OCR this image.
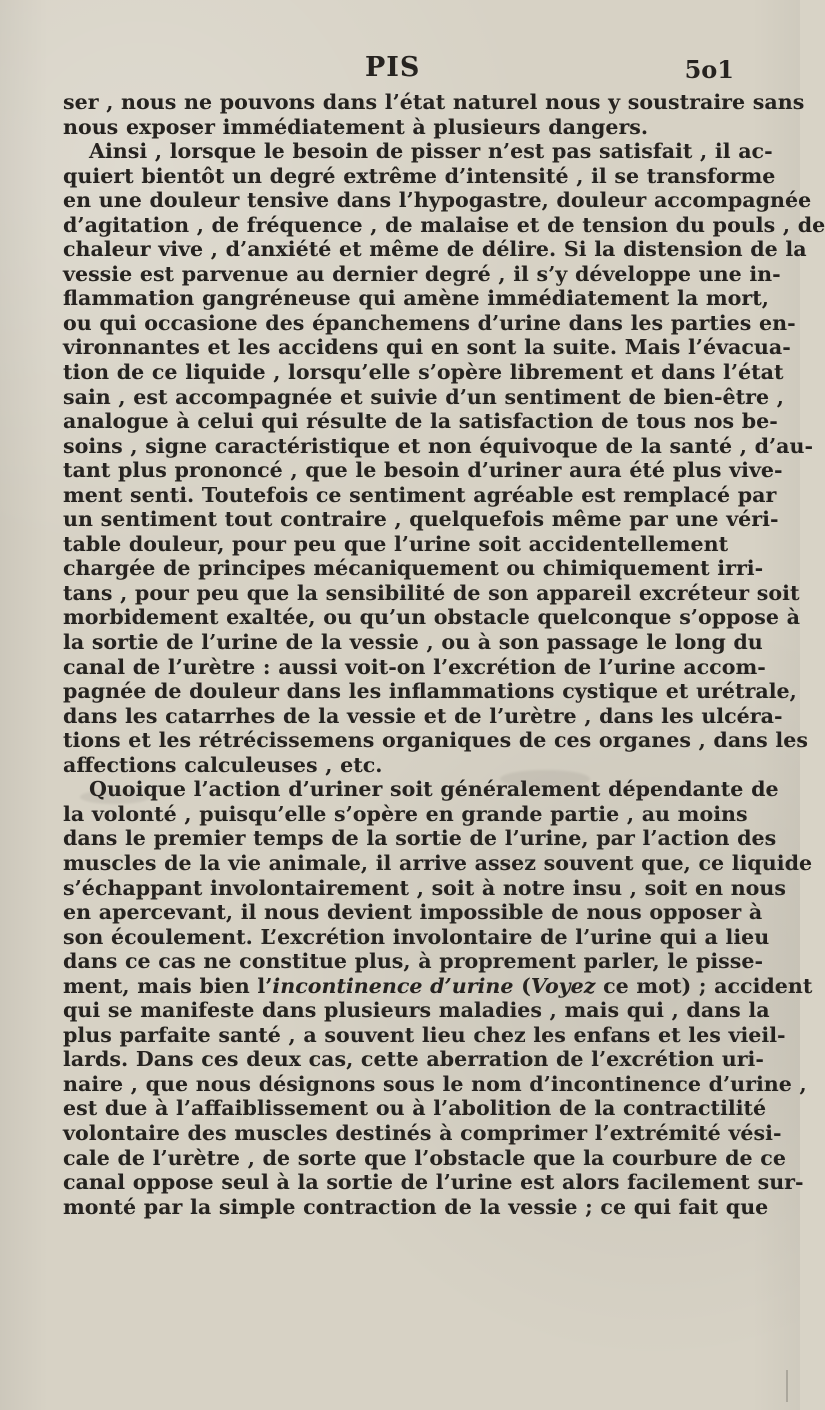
PIS	5o1
ser , nous ne pouvons dans l’état naturel nous y soustraire sans
nous exposer immédiatement à plusieurs dangers.
Ainsi , lorsque le besoin de pisser n’est pas satisfait , il ac-
quiert bientôt un degré extrême d’intensité , il se transforme
en une douleur tensive dans l’hypogastre, douleur accompagnée
d’agitation , de fréquence , de malaise et de tension du pouls , de
chaleur vive , d’anxiété et même de délire. Si la distension de la
vessie est parvenue au dernier degré , il s’y développe une in-
flammation gangréneuse qui amène immédiatement la mort,
ou qui occasione des épanchemens d’urine dans les parties en-
vironnantes et les accidens qui en sont la suite. Mais l’évacua-
tion de ce liquide , lorsqu’elle s’opère librement et dans l’état
sain , est accompagnée et suivie d’un sentiment de bien-être ,
analogue à celui qui résulte de la satisfaction de tous nos be-
soins , signe caractéristique et non équivoque de la santé , d’au-
tant plus prononcé , que le besoin d’uriner aura été plus vive-
ment senti. Toutefois ce sentiment agréable est remplacé par
un sentiment tout contraire , quelquefois même par une véri-
table douleur, pour peu que l’urine soit accidentellement
chargée de principes mécaniquement ou chimiquement irri-
tans , pour peu que la sensibilité de son appareil excréteur soit
morbidement exaltée, ou qu’un obstacle quelconque s’oppose à
la sortie de l’urine de la vessie , ou à son passage le long du
canal de l’urètre : aussi voit-on l’excrétion de l’urine accom-
pagnée de douleur dans les inflammations cystique et urétrale,
dans les catarrhes de la vessie et de l’urètre , dans les ulcéra-
tions et les rétrécissemens organiques de ces organes , dans les
affections calculeuses , etc.
Quoique l’action d’uriner soit généralement dépendante de
la volonté , puisqu’elle s’opère en grande partie , au moins
dans le premier temps de la sortie de l’urine, par l’action des
muscles de la vie animale, il arrive assez souvent que, ce liquide
s’échappant involontairement , soit à notre insu , soit en nous
en apercevant, il nous devient impossible de nous opposer à
son écoulement. L’excrétion involontaire de l’urine qui a lieu
dans ce cas ne constitue plus, à proprement parler, le pisse-
ment, mais bien l’incontinence d’urine (Voyez ce mot) ; accident
qui se manifeste dans plusieurs maladies , mais qui , dans la
plus parfaite santé , a souvent lieu chez les enfans et les vieil-
lards. Dans ces deux cas, cette aberration de l’excrétion uri-
naire , que nous désignons sous le nom d’incontinence d’urine ,
est due à l’affaiblissement ou à l’abolition de la contractilité
volontaire des muscles destinés à comprimer l’extrémité vési-
cale de l’urètre , de sorte que l’obstacle que la courbure de ce
canal oppose seul à la sortie de l’urine est alors facilement sur-
monté par la simple contraction de la vessie ; ce qui fait que
